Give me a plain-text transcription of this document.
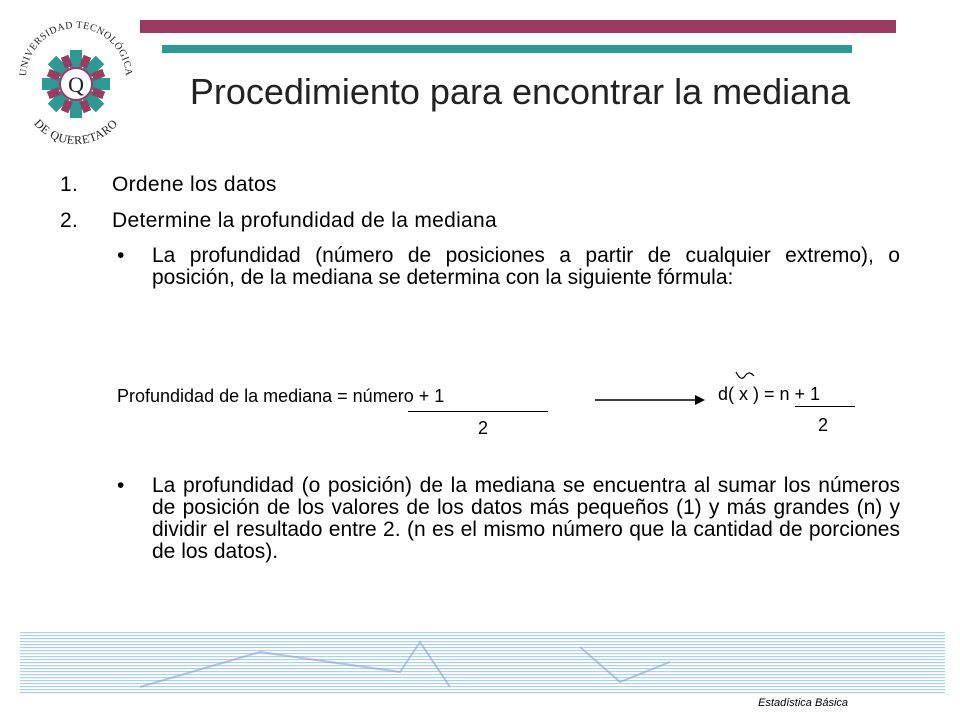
UNIVERSIDAD TECNOLÓGICA
DE QUERETARO
Q	Procedimiento para encontrar la mediana
1. Ordene los datos
2. Determine la profundidad de la mediana
• La profundidad (número de posiciones a partir de cualquier extremo), o posición, de la mediana se determina con la siguiente fórmula:
Profundidad de la mediana = número + 1
2
d( x ) = n + 1
2
• La profundidad (o posición) de la mediana se encuentra al sumar los números de posición de los valores de los datos más pequeños (1) y más grandes (n) y dividir el resultado entre 2. (n es el mismo número que la cantidad de porciones de los datos).
Estadística Básica
